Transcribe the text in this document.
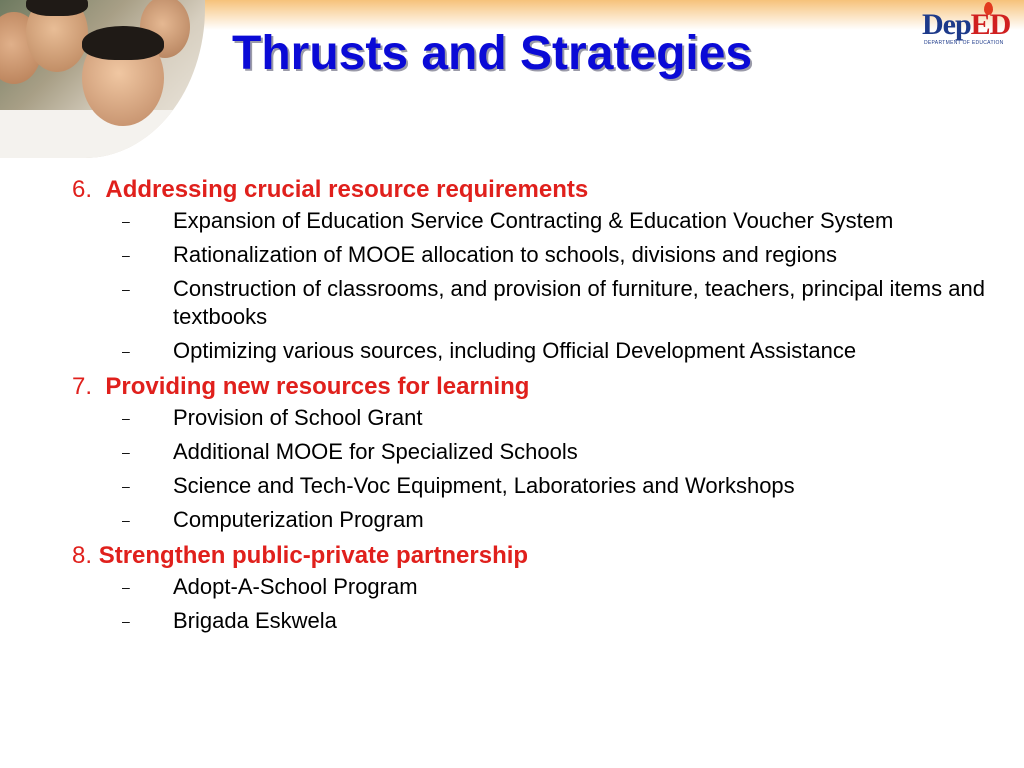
DepED
DEPARTMENT OF EDUCATION
Thrusts and Strategies
6. Addressing crucial resource requirements
– Expansion of Education Service Contracting & Education Voucher System
– Rationalization of MOOE allocation to schools, divisions and regions
– Construction of classrooms, and provision of furniture, teachers, principal items and textbooks
– Optimizing various sources, including Official Development Assistance
7. Providing new resources for learning
– Provision of School Grant
– Additional MOOE for Specialized Schools
– Science and Tech-Voc Equipment, Laboratories and Workshops
– Computerization Program
8. Strengthen public-private partnership
– Adopt-A-School Program
– Brigada Eskwela
